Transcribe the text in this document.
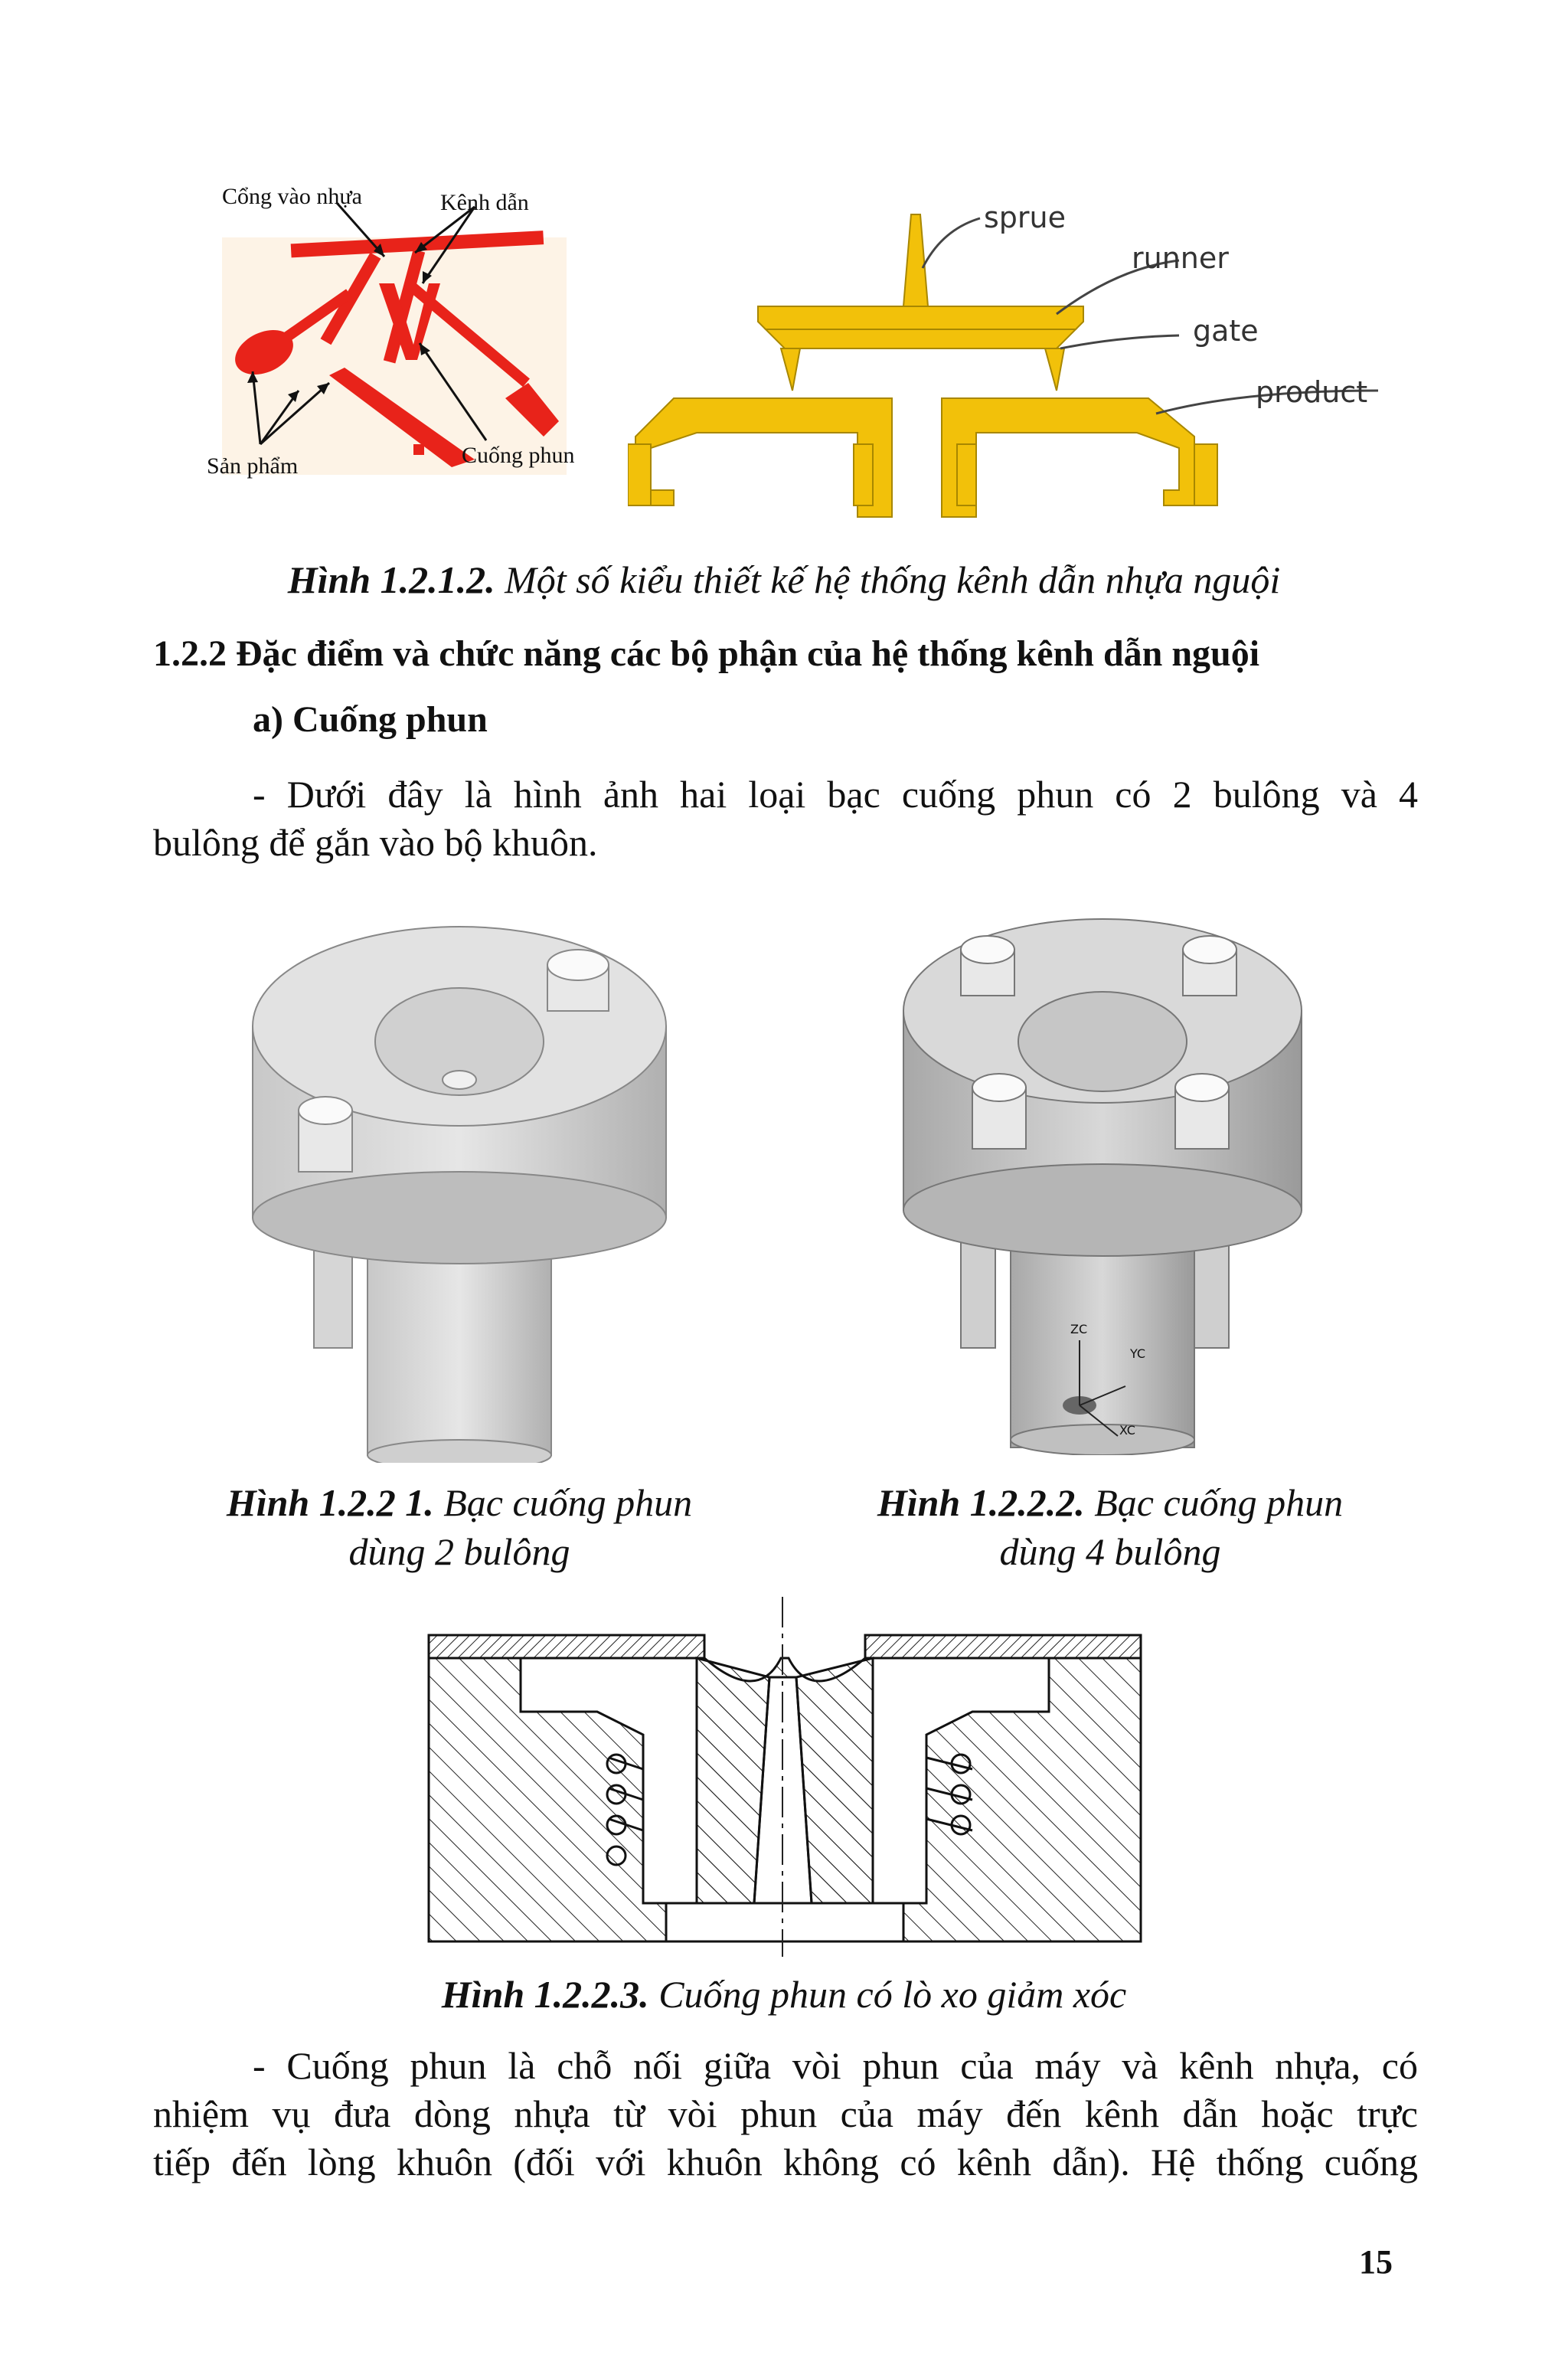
Cổng vào nhựa	Kênh dẫn
Sản phẩm	Cuống phun
sprue
runner
gate
product
Hình 1.2.1.2. Một số kiểu thiết kế hệ thống kênh dẫn nhựa nguội
1.2.2 Đặc điểm và chức năng các bộ phận của hệ thống kênh dẫn nguội
a) Cuống phun
- Dưới đây là hình ảnh hai loại bạc cuống phun có 2 bulông và 4
bulông để gắn vào bộ khuôn.
ZC
YC
XC
Hình 1.2.2 1. Bạc cuống phun
dùng 2 bulông
Hình 1.2.2.2. Bạc cuống phun
dùng 4 bulông
Hình 1.2.2.3. Cuống phun có lò xo giảm xóc
- Cuống phun là chỗ nối giữa vòi phun của máy và kênh nhựa, có
nhiệm vụ đưa dòng nhựa từ vòi phun của máy đến kênh dẫn hoặc trực
tiếp đến lòng khuôn (đối với khuôn không có kênh dẫn). Hệ thống cuống
15
